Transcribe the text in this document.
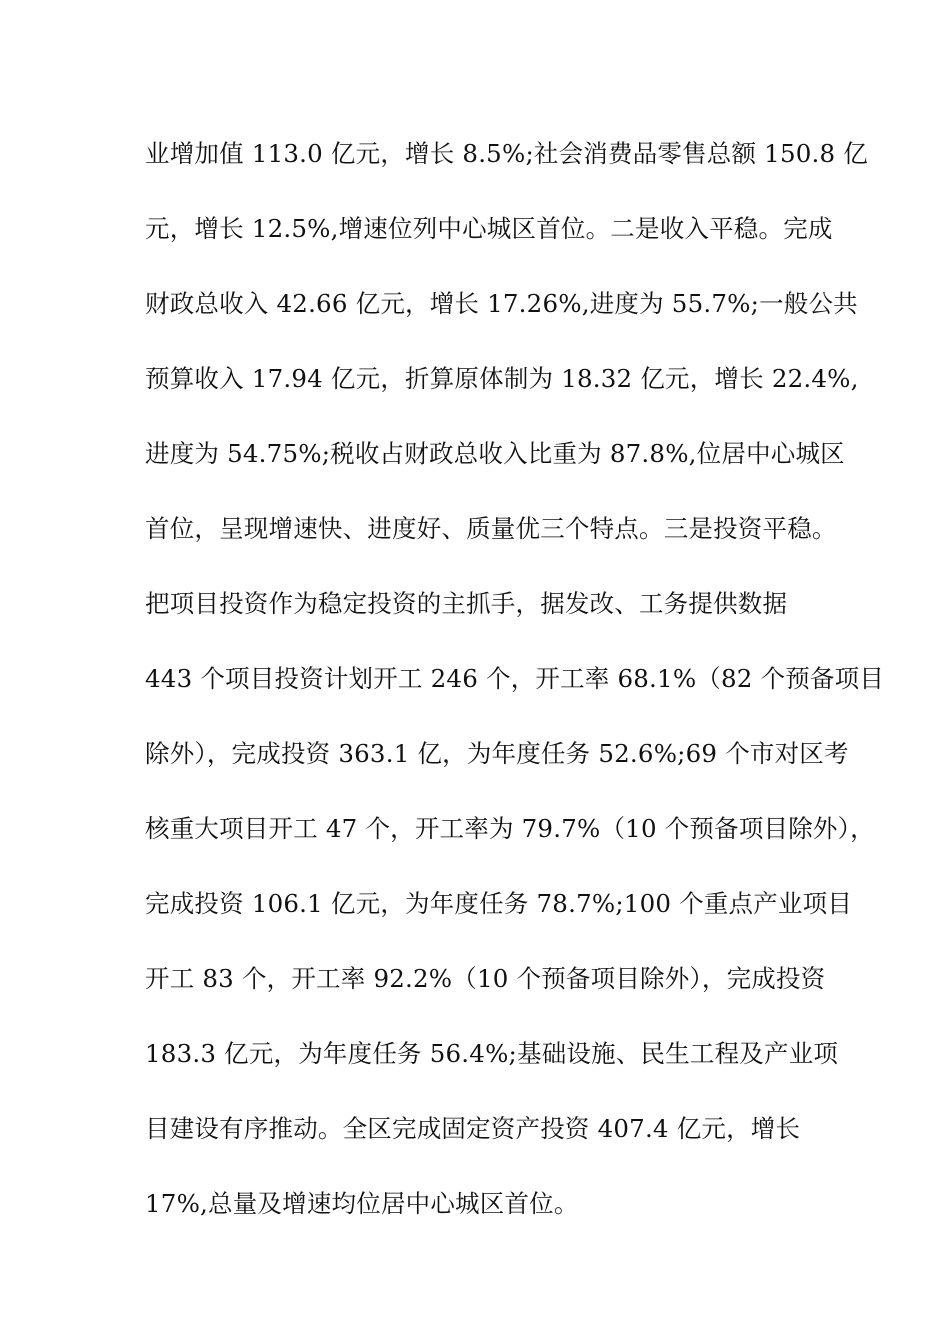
业增加值 113.0 亿元，增长 8.5%;社会消费品零售总额 150.8 亿
元，增长 12.5%,增速位列中心城区首位。二是收入平稳。完成
财政总收入 42.66 亿元，增长 17.26%,进度为 55.7%;一般公共
预算收入 17.94 亿元，折算原体制为 18.32 亿元，增长 22.4%,
进度为 54.75%;税收占财政总收入比重为 87.8%,位居中心城区
首位，呈现增速快、进度好、质量优三个特点。三是投资平稳。
把项目投资作为稳定投资的主抓手，据发改、工务提供数据
443 个项目投资计划开工 246 个，开工率 68.1%（82 个预备项目
除外），完成投资 363.1 亿，为年度任务 52.6%;69 个市对区考
核重大项目开工 47 个，开工率为 79.7%（10 个预备项目除外），
完成投资 106.1 亿元，为年度任务 78.7%;100 个重点产业项目
开工 83 个，开工率 92.2%（10 个预备项目除外），完成投资
183.3 亿元，为年度任务 56.4%;基础设施、民生工程及产业项
目建设有序推动。全区完成固定资产投资 407.4 亿元，增长
17%,总量及增速均位居中心城区首位。
